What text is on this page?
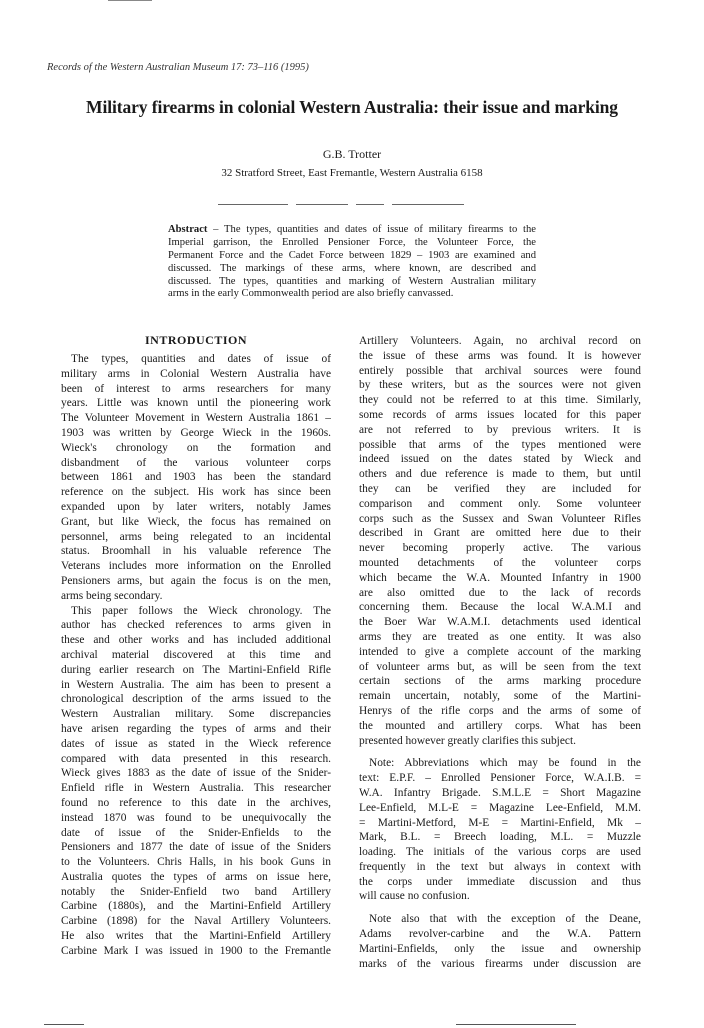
Records of the Western Australian Museum 17: 73–116 (1995)
Military firearms in colonial Western Australia: their issue and marking
G.B. Trotter
32 Stratford Street, East Fremantle, Western Australia 6158
Abstract – The types, quantities and dates of issue of military firearms to the
Imperial garrison, the Enrolled Pensioner Force, the Volunteer Force, the
Permanent Force and the Cadet Force between 1829 – 1903 are examined and
discussed. The markings of these arms, where known, are described and
discussed. The types, quantities and marking of Western Australian military
arms in the early Commonwealth period are also briefly canvassed.
INTRODUCTION
The types, quantities and dates of issue of
military arms in Colonial Western Australia have
been of interest to arms researchers for many
years. Little was known until the pioneering work
The Volunteer Movement in Western Australia 1861 –
1903 was written by George Wieck in the 1960s.
Wieck's chronology on the formation and
disbandment of the various volunteer corps
between 1861 and 1903 has been the standard
reference on the subject. His work has since been
expanded upon by later writers, notably James
Grant, but like Wieck, the focus has remained on
personnel, arms being relegated to an incidental
status. Broomhall in his valuable reference The
Veterans includes more information on the Enrolled
Pensioners arms, but again the focus is on the men,
arms being secondary.
This paper follows the Wieck chronology. The
author has checked references to arms given in
these and other works and has included additional
archival material discovered at this time and
during earlier research on The Martini-Enfield Rifle
in Western Australia. The aim has been to present a
chronological description of the arms issued to the
Western Australian military. Some discrepancies
have arisen regarding the types of arms and their
dates of issue as stated in the Wieck reference
compared with data presented in this research.
Wieck gives 1883 as the date of issue of the Snider-
Enfield rifle in Western Australia. This researcher
found no reference to this date in the archives,
instead 1870 was found to be unequivocally the
date of issue of the Snider-Enfields to the
Pensioners and 1877 the date of issue of the Sniders
to the Volunteers. Chris Halls, in his book Guns in
Australia quotes the types of arms on issue here,
notably the Snider-Enfield two band Artillery
Carbine (1880s), and the Martini-Enfield Artillery
Carbine (1898) for the Naval Artillery Volunteers.
He also writes that the Martini-Enfield Artillery
Carbine Mark I was issued in 1900 to the Fremantle
Artillery Volunteers. Again, no archival record on
the issue of these arms was found. It is however
entirely possible that archival sources were found
by these writers, but as the sources were not given
they could not be referred to at this time. Similarly,
some records of arms issues located for this paper
are not referred to by previous writers. It is
possible that arms of the types mentioned were
indeed issued on the dates stated by Wieck and
others and due reference is made to them, but until
they can be verified they are included for
comparison and comment only. Some volunteer
corps such as the Sussex and Swan Volunteer Rifles
described in Grant are omitted here due to their
never becoming properly active. The various
mounted detachments of the volunteer corps
which became the W.A. Mounted Infantry in 1900
are also omitted due to the lack of records
concerning them. Because the local W.A.M.I and
the Boer War W.A.M.I. detachments used identical
arms they are treated as one entity. It was also
intended to give a complete account of the marking
of volunteer arms but, as will be seen from the text
certain sections of the arms marking procedure
remain uncertain, notably, some of the Martini-
Henrys of the rifle corps and the arms of some of
the mounted and artillery corps. What has been
presented however greatly clarifies this subject.
Note: Abbreviations which may be found in the
text: E.P.F. – Enrolled Pensioner Force, W.A.I.B. =
W.A. Infantry Brigade. S.M.L.E = Short Magazine
Lee-Enfield, M.L-E = Magazine Lee-Enfield, M.M.
= Martini-Metford, M-E = Martini-Enfield, Mk –
Mark, B.L. = Breech loading, M.L. = Muzzle
loading. The initials of the various corps are used
frequently in the text but always in context with
the corps under immediate discussion and thus
will cause no confusion.
Note also that with the exception of the Deane,
Adams revolver-carbine and the W.A. Pattern
Martini-Enfields, only the issue and ownership
marks of the various firearms under discussion are
